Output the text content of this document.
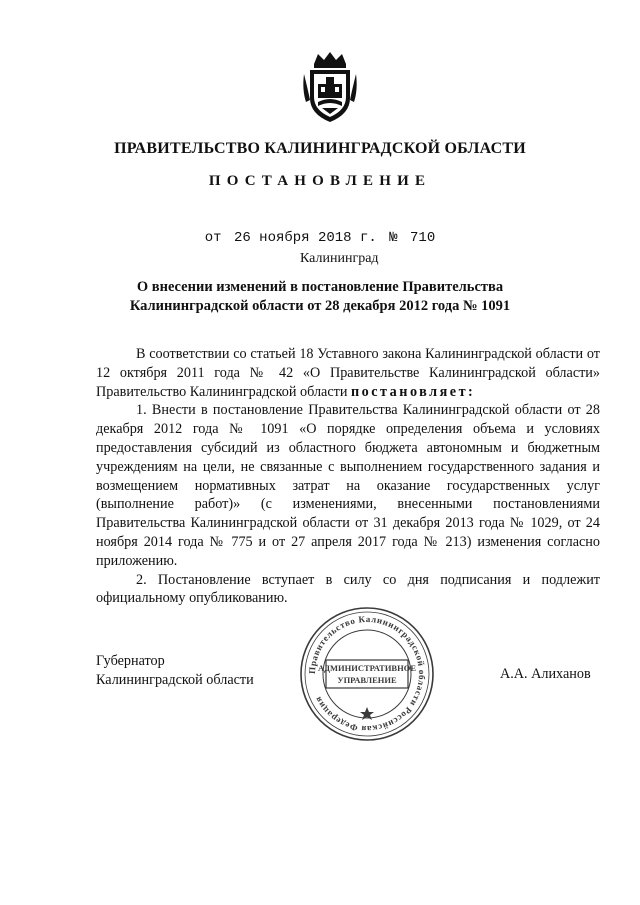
ПРАВИТЕЛЬСТВО КАЛИНИНГРАДСКОЙ ОБЛАСТИ
ПОСТАНОВЛЕНИЕ
от 26 ноября 2018 г. № 710
Калининград
О внесении изменений в постановление Правительства
Калининградской области от 28 декабря 2012 года № 1091

В соответствии со статьей 18 Уставного закона Калининградской области от 12 октября 2011 года № 42 «О Правительстве Калининградской области» Правительство Калининградской области постановляет:

1. Внести в постановление Правительства Калининградской области от 28 декабря 2012 года № 1091 «О порядке определения объема и условиях предоставления субсидий из областного бюджета автономным и бюджетным учреждениям на цели, не связанные с выполнением государственного задания и возмещением нормативных затрат на оказание государственных услуг (выполнение работ)» (с изменениями, внесенными постановлениями Правительства Калининградской области от 31 декабря 2013 года № 1029, от 24 ноября 2014 года № 775 и от 27 апреля 2017 года № 213) изменения согласно приложению.

2. Постановление вступает в силу со дня подписания и подлежит официальному опубликованию.

Губернатор
Калининградской области
Правительство Калининградской области Российская Федерация
АДМИНИСТРАТИВНОЕ
УПРАВЛЕНИЕ	А.А. Алиханов
